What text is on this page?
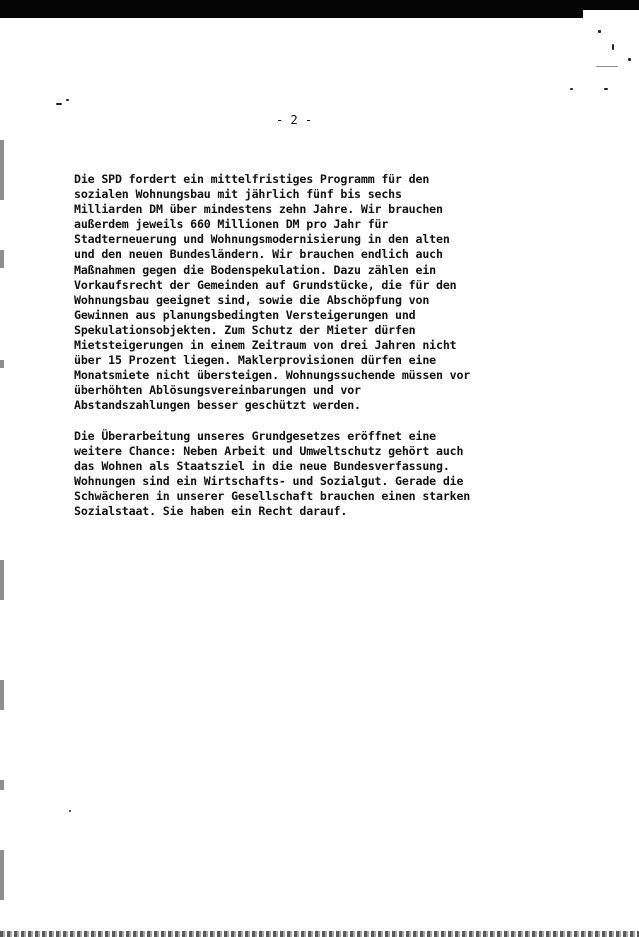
- 2 -
Die SPD fordert ein mittelfristiges Programm für den
sozialen Wohnungsbau mit jährlich fünf bis sechs
Milliarden DM über mindestens zehn Jahre. Wir brauchen
außerdem jeweils 660 Millionen DM pro Jahr für
Stadterneuerung und Wohnungsmodernisierung in den alten
und den neuen Bundesländern. Wir brauchen endlich auch
Maßnahmen gegen die Bodenspekulation. Dazu zählen ein
Vorkaufsrecht der Gemeinden auf Grundstücke, die für den
Wohnungsbau geeignet sind, sowie die Abschöpfung von
Gewinnen aus planungsbedingten Versteigerungen und
Spekulationsobjekten. Zum Schutz der Mieter dürfen
Mietsteigerungen in einem Zeitraum von drei Jahren nicht
über 15 Prozent liegen. Maklerprovisionen dürfen eine
Monatsmiete nicht übersteigen. Wohnungssuchende müssen vor
überhöhten Ablösungsvereinbarungen und vor
Abstandszahlungen besser geschützt werden.
Die Überarbeitung unseres Grundgesetzes eröffnet eine
weitere Chance: Neben Arbeit und Umweltschutz gehört auch
das Wohnen als Staatsziel in die neue Bundesverfassung.
Wohnungen sind ein Wirtschafts- und Sozialgut. Gerade die
Schwächeren in unserer Gesellschaft brauchen einen starken
Sozialstaat. Sie haben ein Recht darauf.
